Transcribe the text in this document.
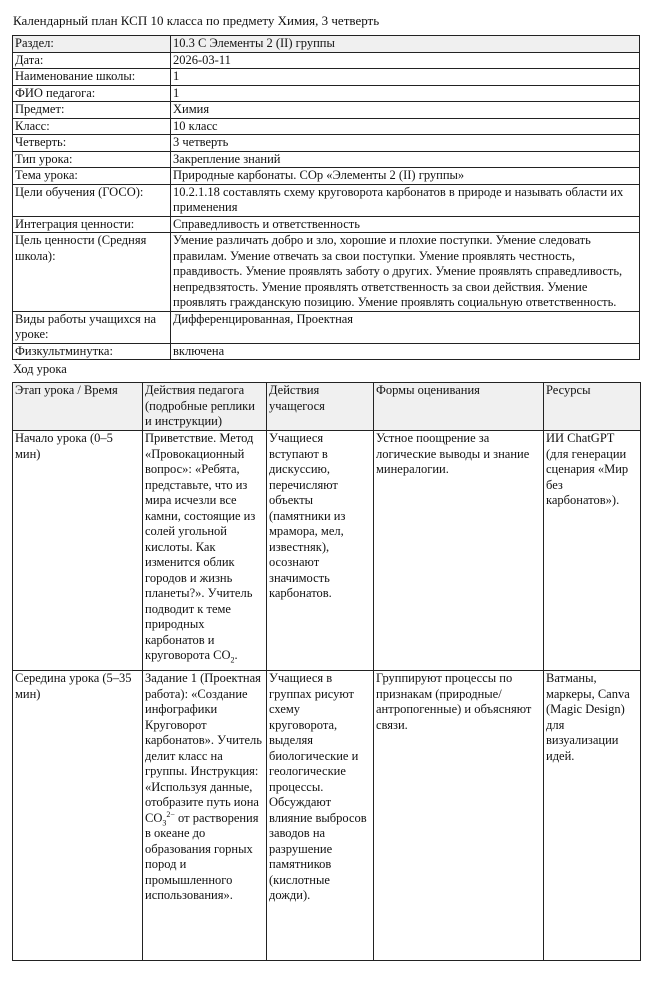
Календарный план КСП 10 класса по предмету Химия, 3 четверть
Раздел:	10.3 С Элементы 2 (II) группы
Дата:	2026-03-11
Наименование школы:	1
ФИО педагога:	1
Предмет:	Химия
Класс:	10 класс
Четверть:	3 четверть
Тип урока:	Закрепление знаний
Тема урока:	Природные карбонаты. СОр «Элементы 2 (II) группы»
Цели обучения (ГОСО):	10.2.1.18 составлять схему круговорота карбонатов в природе и называть области их применения
Интеграция ценности:	Справедливость и ответственность
Цель ценности (Средняя школа):	Умение различать добро и зло, хорошие и плохие поступки. Умение следовать правилам. Умение отвечать за свои поступки. Умение проявлять честность, правдивость. Умение проявлять заботу о других. Умение проявлять справедливость, непредвзятость. Умение проявлять ответственность за свои действия. Умение проявлять гражданскую позицию. Умение проявлять социальную ответственность.
Виды работы учащихся на уроке:	Дифференцированная, Проектная
Физкультминутка:	включена
Ход урока
Этап урока / Время	Действия педагога (подробные реплики и инструкции)	Действия учащегося	Формы оценивания	Ресурсы
Начало урока (0–5 мин)	Приветствие. Метод «Провокационный вопрос»: «Ребята, представьте, что из мира исчезли все камни, состоящие из солей угольной кислоты. Как изменится облик городов и жизнь планеты?». Учитель подводит к теме природных карбонатов и круговорота $CO_2$.	Учащиеся вступают в дискуссию, перечисляют объекты (памятники из мрамора, мел, известняк), осознают значимость карбонатов.	Устное поощрение за логические выводы и знание минералогии.	ИИ ChatGPT (для генерации сценария «Мир без карбонатов»).
Середина урока (5–35 мин)	Задание 1 (Проектная работа): «Создание инфографики Круговорот карбонатов». Учитель делит класс на группы. Инструкция: «Используя данные, отобразите путь иона $CO_3^{2-}$ от растворения в океане до образования горных пород и промышленного использования».	Учащиеся в группах рисуют схему круговорота, выделяя биологические и геологические процессы. Обсуждают влияние выбросов заводов на разрушение памятников (кислотные дожди).	Группируют процессы по признакам (природные/антропогенные) и объясняют связи.	Ватманы, маркеры, Canva (Magic Design) для визуализации идей.
